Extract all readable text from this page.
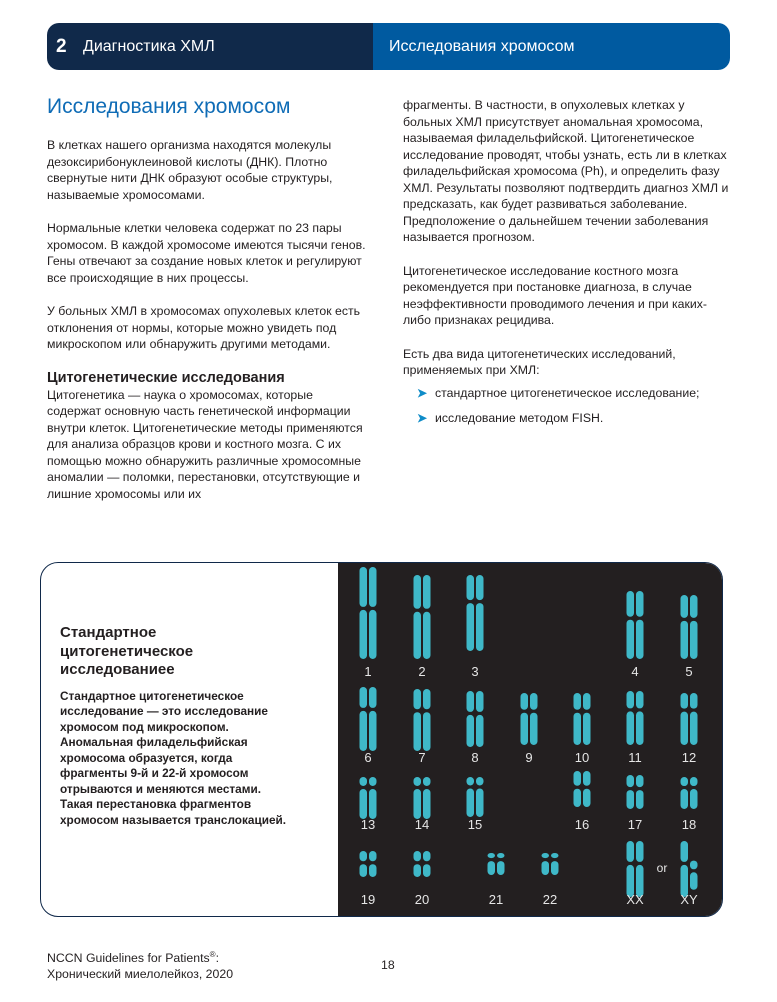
2	Диагностика ХМЛ	Исследования хромосом
Исследования хромосом

В клетках нашего организма находятся молекулы дезоксирибонуклеиновой кислоты (ДНК). Плотно свернутые нити ДНК образуют особые структуры, называемые хромосомами.

Нормальные клетки человека содержат по 23 пары хромосом. В каждой хромосоме имеются тысячи генов. Гены отвечают за создание новых клеток и регулируют все происходящие в них процессы.

У больных ХМЛ в хромосомах опухолевых клеток есть отклонения от нормы, которые можно увидеть под микроскопом или обнаружить другими методами.

Цитогенетические исследования

Цитогенетика — наука о хромосомах, которые содержат основную часть генетической информации внутри клеток. Цитогенетические методы применяются для анализа образцов крови и костного мозга. С их помощью можно обнаружить различные хромосомные аномалии — поломки, перестановки, отсутствующие и лишние хромосомы или их

фрагменты. В частности, в опухолевых клетках у больных ХМЛ присутствует аномальная хромосома, называемая филадельфийской. Цитогенетическое исследование проводят, чтобы узнать, есть ли в клетках филадельфийская хромосома (Ph), и определить фазу ХМЛ. Результаты позволяют подтвердить диагноз ХМЛ и предсказать, как будет развиваться заболевание. Предположение о дальнейшем течении заболевания называется прогнозом.

Цитогенетическое исследование костного мозга рекомендуется при постановке диагноза, в случае неэффективности проводимого лечения и при каких-либо признаках рецидива.

Есть два вида цитогенетических исследований, применяемых при ХМЛ:

➤ стандартное цитогенетическое исследование;
➤ исследование методом FISH.
Стандартное цитогенетическое исследованиее
Стандартное цитогенетическое исследование — это исследование хромосом под микроскопом. Аномальная филадельфийская хромосома образуется, когда фрагменты 9-й и 22-й хромосом отрываются и меняются местами. Такая перестановка фрагментов хромосом называется транслокацией.
1	2	3	4	5
6	7	8	9	10	11	12
13	14	15	16	17	18
19	20	21	22	XX	XY
or
NCCN Guidelines for Patients®:
Хронический миелолейкоз, 2020
18
